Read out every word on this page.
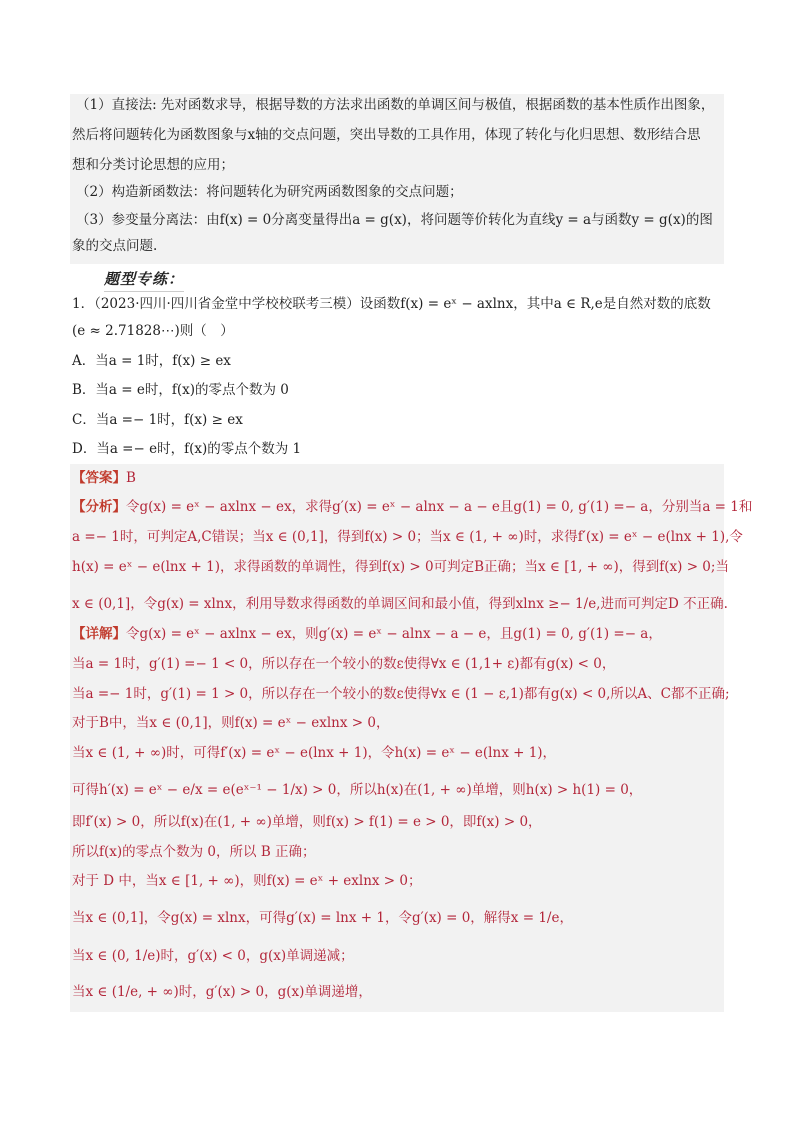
（1）直接法: 先对函数求导，根据导数的方法求出函数的单调区间与极值，根据函数的基本性质作出图象，
然后将问题转化为函数图象与x轴的交点问题，突出导数的工具作用，体现了转化与化归思想、数形结合思
想和分类讨论思想的应用；
（2）构造新函数法：将问题转化为研究两函数图象的交点问题；
（3）参变量分离法：由f(x) = 0分离变量得出a = g(x)，将问题等价转化为直线y = a与函数y = g(x)的图
象的交点问题.
题型专练：
1．（2023·四川·四川省金堂中学校校联考三模）设函数f(x) = eˣ − axlnx，其中a ∈ R,e是自然对数的底数
(e ≈ 2.71828⋯)则（　）
A．当a = 1时，f(x) ≥ ex
B．当a = e时，f(x)的零点个数为 0
C．当a =− 1时，f(x) ≥ ex
D．当a =− e时，f(x)的零点个数为 1
【答案】B
【分析】令g(x) = eˣ − axlnx − ex，求得g′(x) = eˣ − alnx − a − e且g(1) = 0, g′(1) =− a，分别当a = 1和
a =− 1时，可判定A,C错误；当x ∈ (0,1]，得到f(x) > 0；当x ∈ (1, + ∞)时，求得f′(x) = eˣ − e(lnx + 1),令
h(x) = eˣ − e(lnx + 1)，求得函数的单调性，得到f(x) > 0可判定B正确；当x ∈ [1, + ∞)，得到f(x) > 0;当
x ∈ (0,1]，令g(x) = xlnx，利用导数求得函数的单调区间和最小值，得到xlnx ≥− 1/e,进而可判定D 不正确.
【详解】令g(x) = eˣ − axlnx − ex，则g′(x) = eˣ − alnx − a − e，且g(1) = 0, g′(1) =− a，
当a = 1时，g′(1) =− 1 < 0，所以存在一个较小的数ε使得∀x ∈ (1,1+ ε)都有g(x) < 0，
当a =− 1时，g′(1) = 1 > 0，所以存在一个较小的数ε使得∀x ∈ (1 − ε,1)都有g(x) < 0,所以A、C都不正确;
对于B中，当x ∈ (0,1]，则f(x) = eˣ − exlnx > 0，
当x ∈ (1, + ∞)时，可得f′(x) = eˣ − e(lnx + 1)，令h(x) = eˣ − e(lnx + 1)，
可得h′(x) = eˣ − e/x = e(eˣ⁻¹ − 1/x) > 0，所以h(x)在(1, + ∞)单增，则h(x) > h(1) = 0，
即f′(x) > 0，所以f(x)在(1, + ∞)单增，则f(x) > f(1) = e > 0，即f(x) > 0，
所以f(x)的零点个数为 0，所以 B 正确；
对于 D 中，当x ∈ [1, + ∞)，则f(x) = eˣ + exlnx > 0；
当x ∈ (0,1]，令g(x) = xlnx，可得g′(x) = lnx + 1，令g′(x) = 0，解得x = 1/e，
当x ∈ (0, 1/e)时，g′(x) < 0，g(x)单调递减；
当x ∈ (1/e, + ∞)时，g′(x) > 0，g(x)单调递增，
